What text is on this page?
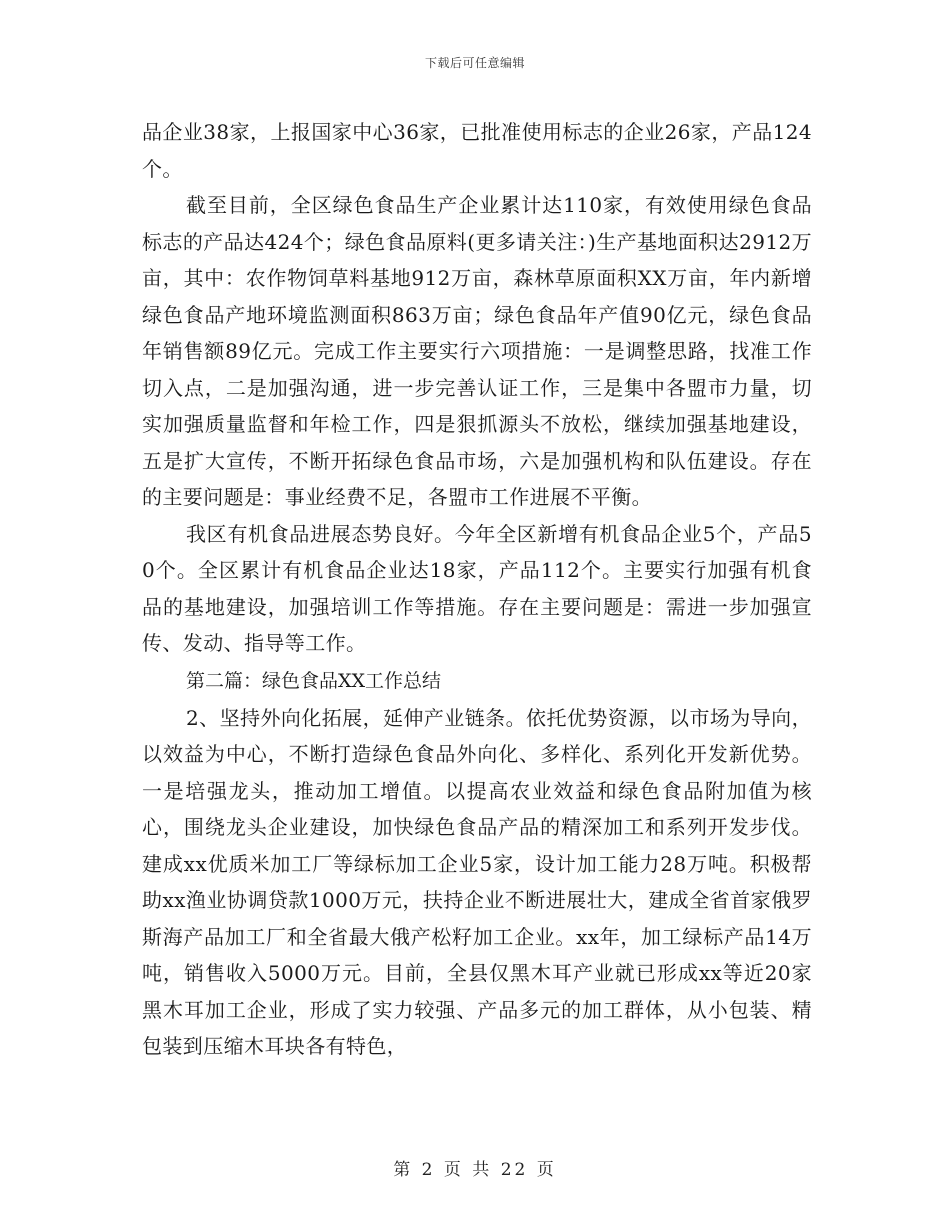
下载后可任意编辑

品企业38家，上报国家中心36家，已批准使用标志的企业26家，产品124个。

截至目前，全区绿色食品生产企业累计达110家，有效使用绿色食品标志的产品达424个；绿色食品原料(更多请关注：)生产基地面积达2912万亩，其中：农作物饲草料基地912万亩，森林草原面积XX万亩，年内新增绿色食品产地环境监测面积863万亩；绿色食品年产值90亿元，绿色食品年销售额89亿元。完成工作主要实行六项措施：一是调整思路，找准工作切入点，二是加强沟通，进一步完善认证工作，三是集中各盟市力量，切实加强质量监督和年检工作，四是狠抓源头不放松，继续加强基地建设，五是扩大宣传，不断开拓绿色食品市场，六是加强机构和队伍建设。存在的主要问题是：事业经费不足，各盟市工作进展不平衡。

我区有机食品进展态势良好。今年全区新增有机食品企业5个，产品50个。全区累计有机食品企业达18家，产品112个。主要实行加强有机食品的基地建设，加强培训工作等措施。存在主要问题是：需进一步加强宣传、发动、指导等工作。

第二篇：绿色食品XX工作总结

2、坚持外向化拓展，延伸产业链条。依托优势资源，以市场为导向，以效益为中心，不断打造绿色食品外向化、多样化、系列化开发新优势。一是培强龙头，推动加工增值。以提高农业效益和绿色食品附加值为核心，围绕龙头企业建设，加快绿色食品产品的精深加工和系列开发步伐。建成xx优质米加工厂等绿标加工企业5家，设计加工能力28万吨。积极帮助xx渔业协调贷款1000万元，扶持企业不断进展壮大，建成全省首家俄罗斯海产品加工厂和全省最大俄产松籽加工企业。xx年，加工绿标产品14万吨，销售收入5000万元。目前，全县仅黑木耳产业就已形成xx等近20家黑木耳加工企业，形成了实力较强、产品多元的加工群体，从小包装、精包装到压缩木耳块各有特色，

第 2 页 共 22 页
